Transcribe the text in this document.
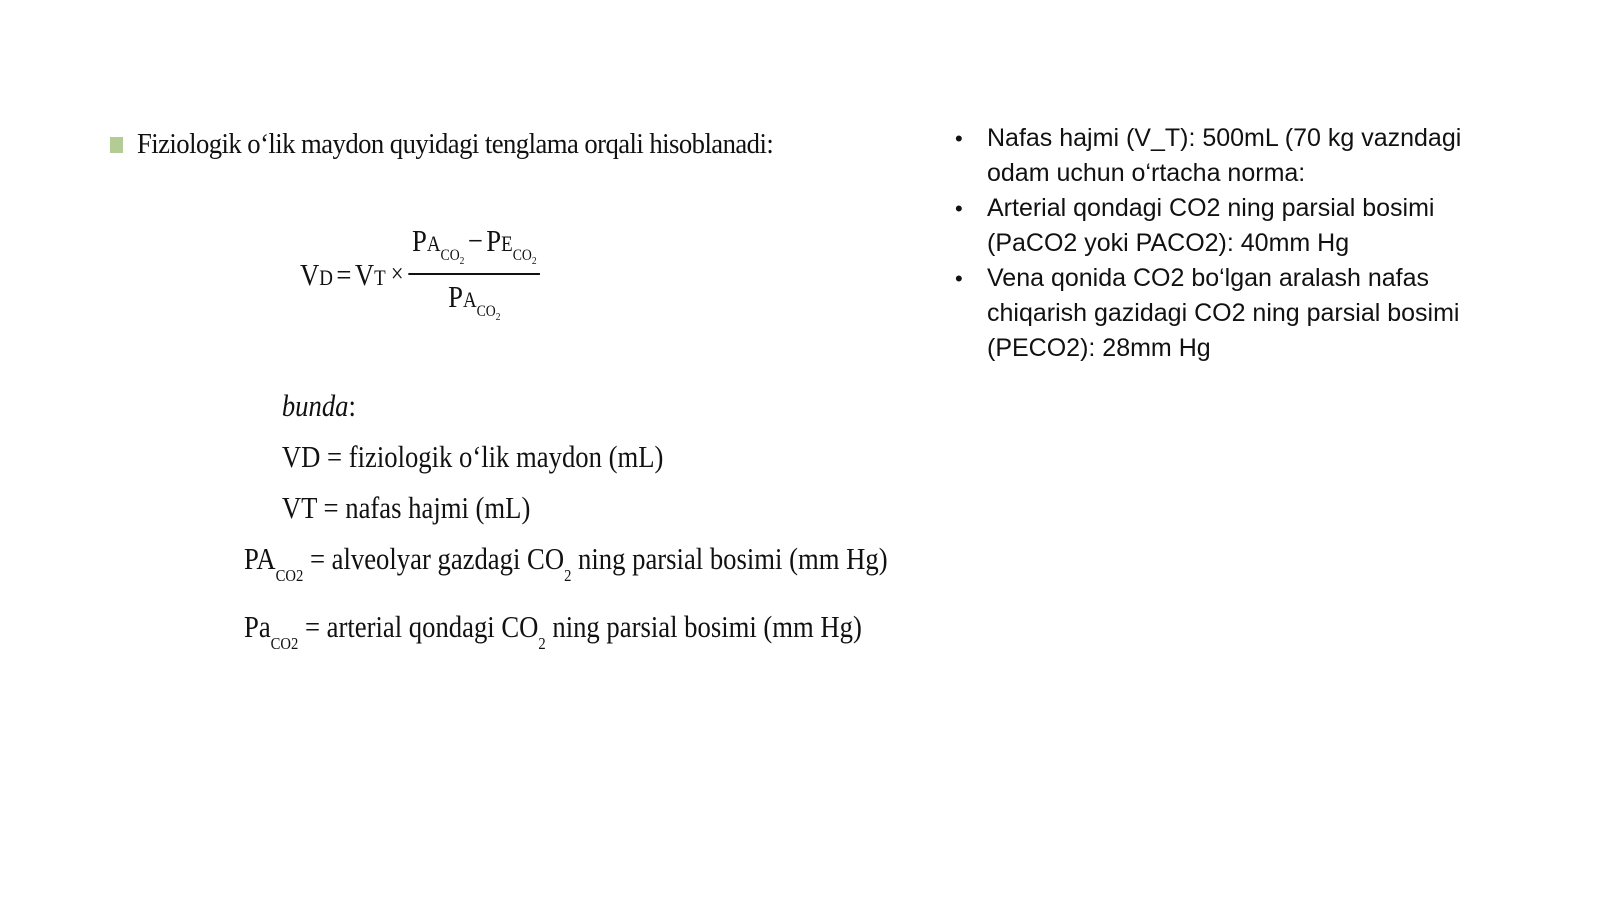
Fiziologik o‘lik maydon quyidagi tenglama orqali hisoblanadi:
VD = VT × $\frac{PA_{CO_2}- PE_{CO_2}}{PA_{CO_2}}$
bunda:
VD = fiziologik o‘lik maydon (mL)
VT = nafas hajmi (mL)
$PA_{CO2}$ = alveolyar gazdagi $CO_2$ ning parsial bosimi (mm Hg)
$Pa_{CO2}$ = arterial qondagi $CO_2$ ning parsial bosimi (mm Hg)
• Nafas hajmi (V_T): 500mL (70 kg vazndagi odam uchun o‘rtacha norma:
• Arterial qondagi CO2 ning parsial bosimi (PaCO2 yoki PACO2): 40mm Hg
• Vena qonida CO2 bo‘lgan aralash nafas chiqarish gazidagi CO2 ning parsial bosimi (PECO2): 28mm Hg
